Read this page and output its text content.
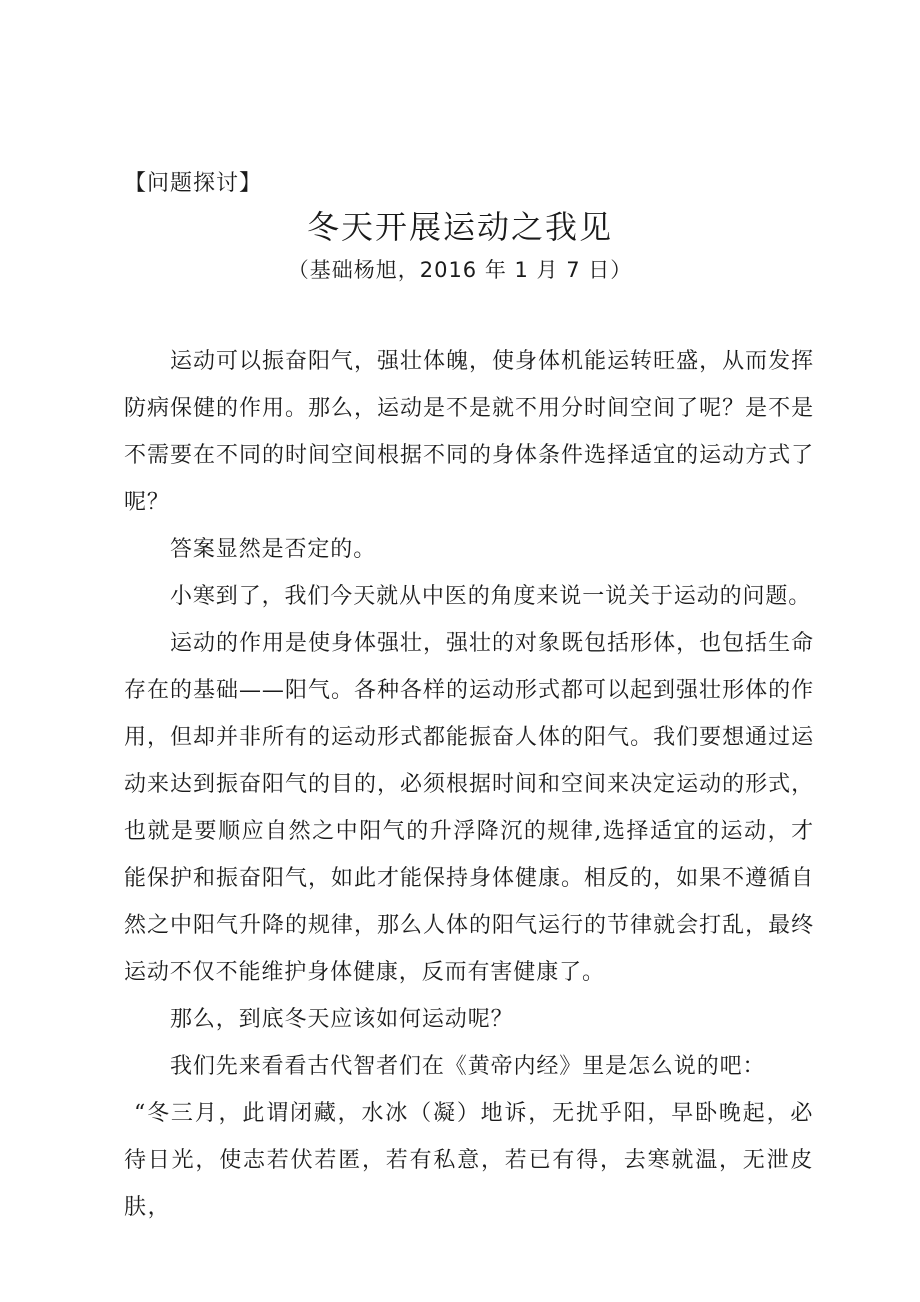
【问题探讨】
冬天开展运动之我见
（基础杨旭，2016 年 1 月 7 日）

运动可以振奋阳气，强壮体魄，使身体机能运转旺盛，从而发挥防病保健的作用。那么，运动是不是就不用分时间空间了呢？是不是不需要在不同的时间空间根据不同的身体条件选择适宜的运动方式了呢？

答案显然是否定的。

小寒到了，我们今天就从中医的角度来说一说关于运动的问题。

运动的作用是使身体强壮，强壮的对象既包括形体，也包括生命存在的基础——阳气。各种各样的运动形式都可以起到强壮形体的作用，但却并非所有的运动形式都能振奋人体的阳气。我们要想通过运动来达到振奋阳气的目的，必须根据时间和空间来决定运动的形式，也就是要顺应自然之中阳气的升浮降沉的规律,选择适宜的运动，才能保护和振奋阳气，如此才能保持身体健康。相反的，如果不遵循自然之中阳气升降的规律，那么人体的阳气运行的节律就会打乱，最终运动不仅不能维护身体健康，反而有害健康了。

那么，到底冬天应该如何运动呢？

我们先来看看古代智者们在《黄帝内经》里是怎么说的吧：

“冬三月，此谓闭藏，水冰（凝）地诉，无扰乎阳，早卧晚起，必待日光，使志若伏若匿，若有私意，若已有得，去寒就温，无泄皮肤，
